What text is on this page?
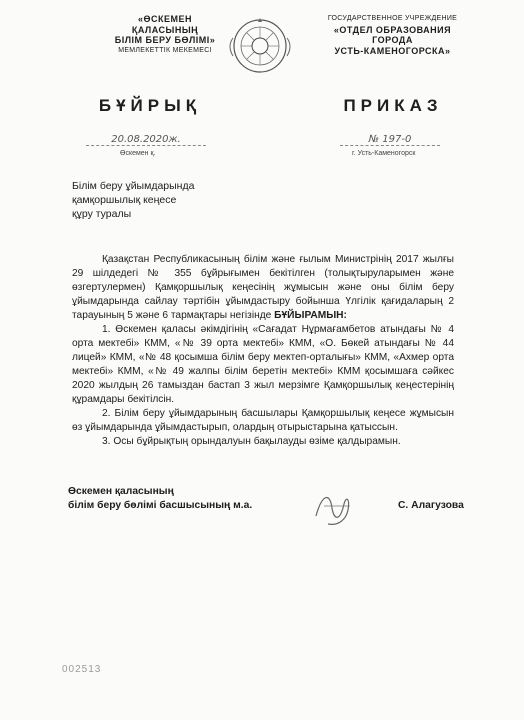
«ӨСКЕМЕН
ҚАЛАСЫНЫҢ
БІЛІМ БЕРУ БӨЛІМІ»
МЕМЛЕКЕТТІК МЕКЕМЕСІ
ГОСУДАРСТВЕННОЕ УЧРЕЖДЕНИЕ
«ОТДЕЛ ОБРАЗОВАНИЯ
ГОРОДА
УСТЬ-КАМЕНОГОРСКА»
БҰЙРЫҚ	ПРИКАЗ
20.08.2020ж.
Өскемен қ.
№ 197-0
г. Усть-Каменогорск
Білім беру ұйымдарында
қамқоршылық кеңесе
құру туралы

Қазақстан Республикасының білім және ғылым Министрінің 2017 жылғы 29 шілдедегі № 355 бұйрығымен бекітілген (толықтыруларымен және өзгертулермен) Қамқоршылық кеңесінің жұмысын және оны білім беру ұйымдарында сайлау тәртібін ұйымдастыру бойынша Үлгілік қағидаларың 2 тарауының 5 және 6 тармақтары негізінде БҰЙЫРАМЫН:

1. Өскемен қаласы әкімдігінің «Сағадат Нұрмағамбетов атындағы № 4 орта мектебі» КММ, «№ 39 орта мектебі» КММ, «О. Бөкей атындағы № 44 лицей» КММ, «№ 48 қосымша білім беру мектеп-орталығы» КММ, «Ахмер орта мектебі» КММ, «№ 49 жалпы білім беретін мектебі» КММ қосымшаға сәйкес 2020 жылдың 26 тамыздан бастап 3 жыл мерзімге Қамқоршылық кеңестерінің құрамдары бекітілсін.

2. Білім беру ұйымдарының басшылары Қамқоршылық кеңесе жұмысын өз ұйымдарында ұйымдастырып, олардың отырыстарына қатыссын.

3. Осы бұйрықтың орындалуын бақылауды өзіме қалдырамын.

Өскемен қаласының
білім беру бөлімі басшысының м.а.	С. Алагузова
002513
